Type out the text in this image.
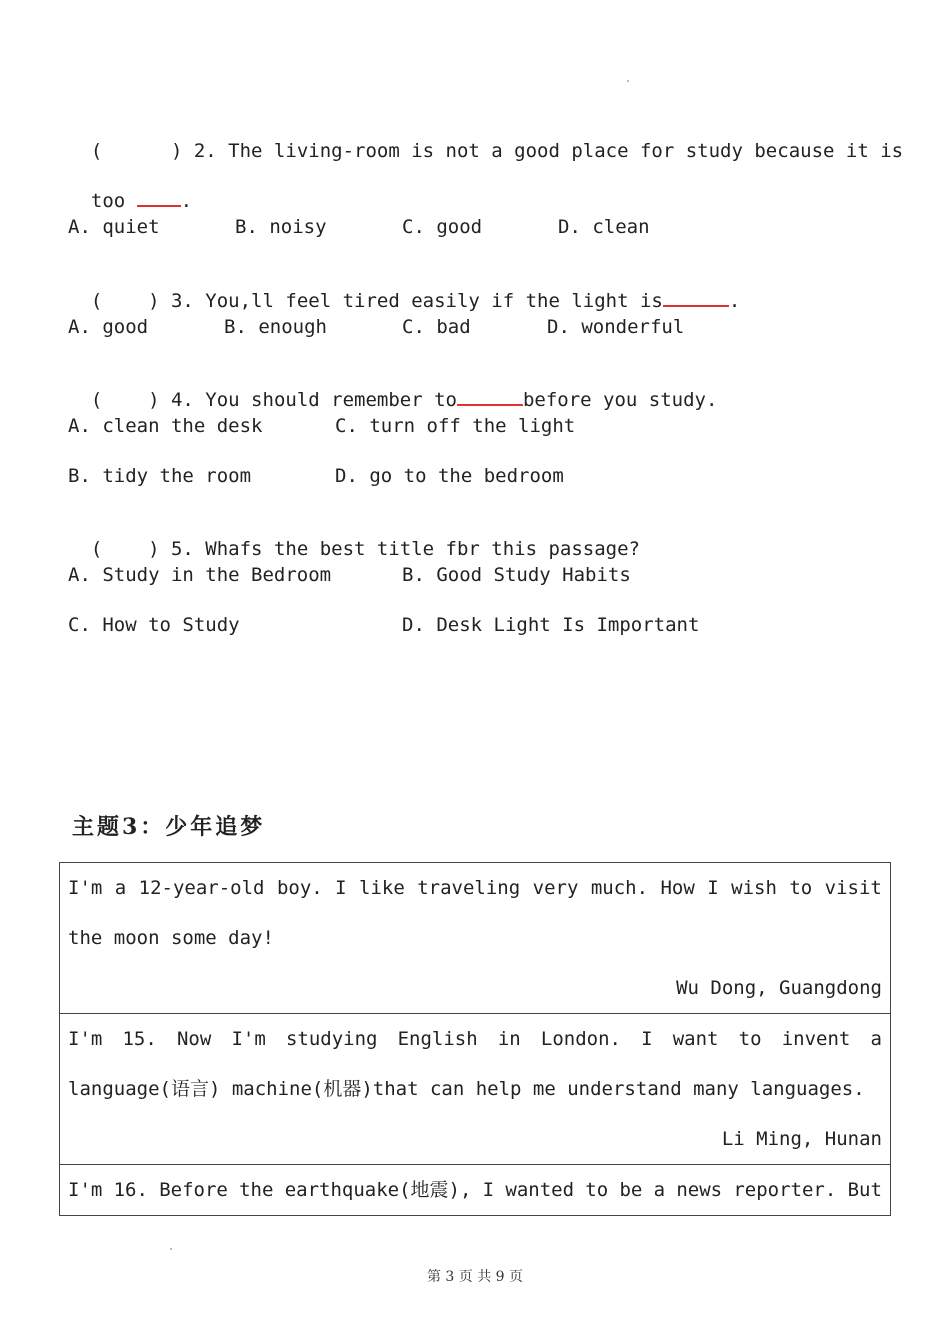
(	) 2. The living-room is not a good place for study because it is

too	.

A. quiet	B. noisy	C. good	D. clean

( ) 3. You,ll feel tired easily if the light is	.

A. good	B. enough	C. bad	D. wonderful

( ) 4. You should remember to	before you study.

A. clean the desk	C. turn off the light
B. tidy the room	D. go to the bedroom

( ) 5. Whafs the best title fbr this passage?

A. Study in the Bedroom	B. Good Study Habits
C. How to Study	D. Desk Light Is Important
主题3：少年追梦
I'm a 12-year-old boy. I like traveling very much. How I wish to visit
the moon some day!
Wu Dong, Guangdong

I'm 15. Now I'm studying English in London. I want to invent a
language(语言) machine(机器)that can help me understand many languages.
Li Ming, Hunan

I'm 16. Before the earthquake(地震), I wanted to be a news reporter. But
第 3 页 共 9 页
